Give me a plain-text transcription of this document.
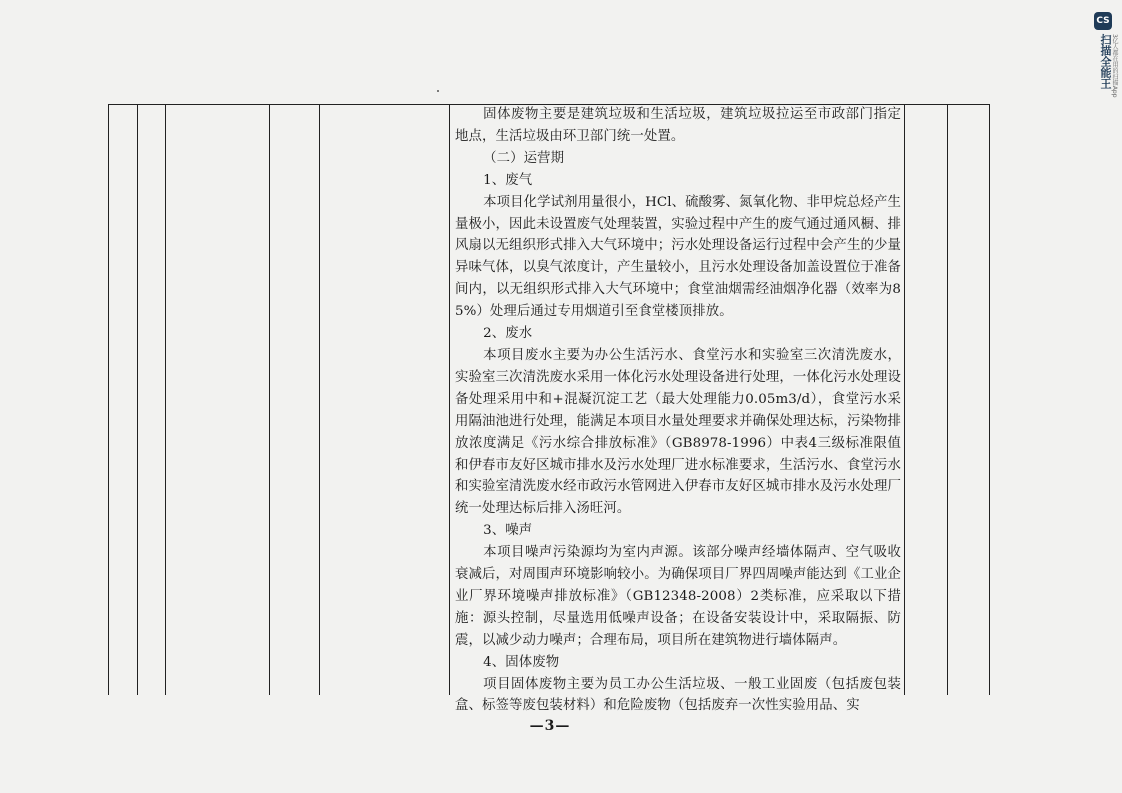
固体废物主要是建筑垃圾和生活垃圾，建筑垃圾拉运至市政部门指定地点，生活垃圾由环卫部门统一处置。

（二）运营期

1、废气

本项目化学试剂用量很小，HCl、硫酸雾、氮氧化物、非甲烷总烃产生量极小，因此未设置废气处理装置，实验过程中产生的废气通过通风橱、排风扇以无组织形式排入大气环境中；污水处理设备运行过程中会产生的少量异味气体，以臭气浓度计，产生量较小，且污水处理设备加盖设置位于准备间内，以无组织形式排入大气环境中；食堂油烟需经油烟净化器（效率为85%）处理后通过专用烟道引至食堂楼顶排放。

2、废水

本项目废水主要为办公生活污水、食堂污水和实验室三次清洗废水，实验室三次清洗废水采用一体化污水处理设备进行处理，一体化污水处理设备处理采用中和+混凝沉淀工艺（最大处理能力0.05m3/d），食堂污水采用隔油池进行处理，能满足本项目水量处理要求并确保处理达标，污染物排放浓度满足《污水综合排放标准》（GB8978-1996）中表4三级标准限值和伊春市友好区城市排水及污水处理厂进水标准要求，生活污水、食堂污水和实验室清洗废水经市政污水管网进入伊春市友好区城市排水及污水处理厂统一处理达标后排入汤旺河。

3、噪声

本项目噪声污染源均为室内声源。该部分噪声经墙体隔声、空气吸收衰减后，对周围声环境影响较小。为确保项目厂界四周噪声能达到《工业企业厂界环境噪声排放标准》（GB12348-2008）2类标准，应采取以下措施：源头控制，尽量选用低噪声设备；在设备安装设计中，采取隔振、防震，以减少动力噪声；合理布局，项目所在建筑物进行墙体隔声。

4、固体废物

项目固体废物主要为员工办公生活垃圾、一般工业固废（包括废包装盒、标签等废包装材料）和危险废物（包括废弃一次性实验用品、实

—3—
CS
扫描全能王 3亿人都在用的扫描App
